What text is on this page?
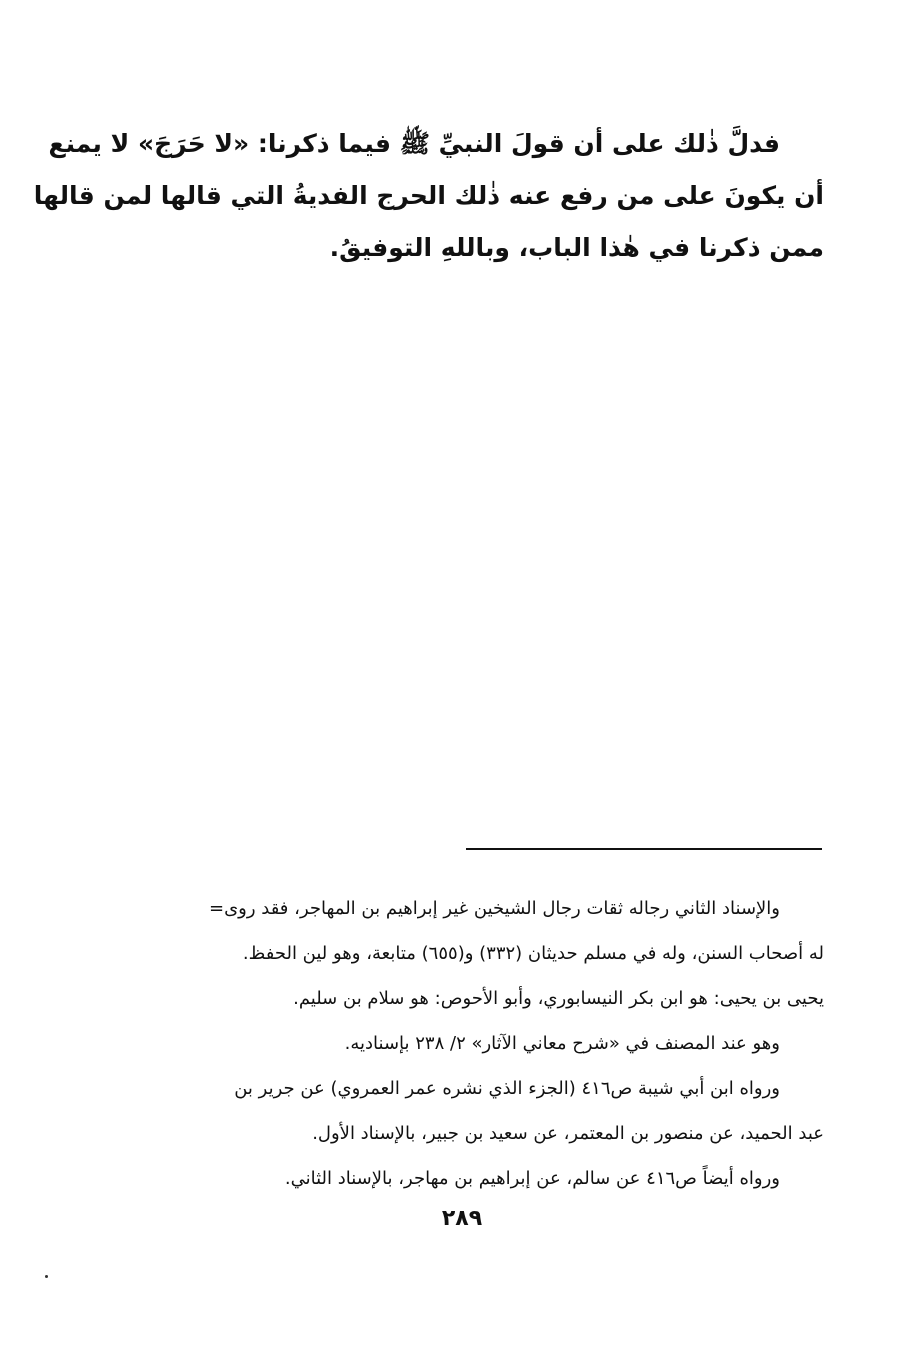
فدلَّ ذٰلك على أن قولَ النبيِّ ﷺ فيما ذكرنا: «لا حَرَجَ» لا يمنع
أن يكونَ على من رفع عنه ذٰلك الحرج الفديةُ التي قالها لمن قالها
ممن ذكرنا في هٰذا الباب، وباللهِ التوفيقُ.
والإسناد الثاني رجاله ثقات رجال الشيخين غير إبراهيم بن المهاجر، فقد روى=
له أصحاب السنن، وله في مسلم حديثان (٣٣٢) و(٦٥٥) متابعة، وهو لين الحفظ.
يحيى بن يحيى: هو ابن بكر النيسابوري، وأبو الأحوص: هو سلام بن سليم.
وهو عند المصنف في «شرح معاني الآثار» ٢/ ٢٣٨ بإسناديه.
ورواه ابن أبي شيبة ص٤١٦ (الجزء الذي نشره عمر العمروي) عن جرير بن
عبد الحميد، عن منصور بن المعتمر، عن سعيد بن جبير، بالإسناد الأول.
ورواه أيضاً ص٤١٦ عن سالم، عن إبراهيم بن مهاجر، بالإسناد الثاني.
٢٨٩
